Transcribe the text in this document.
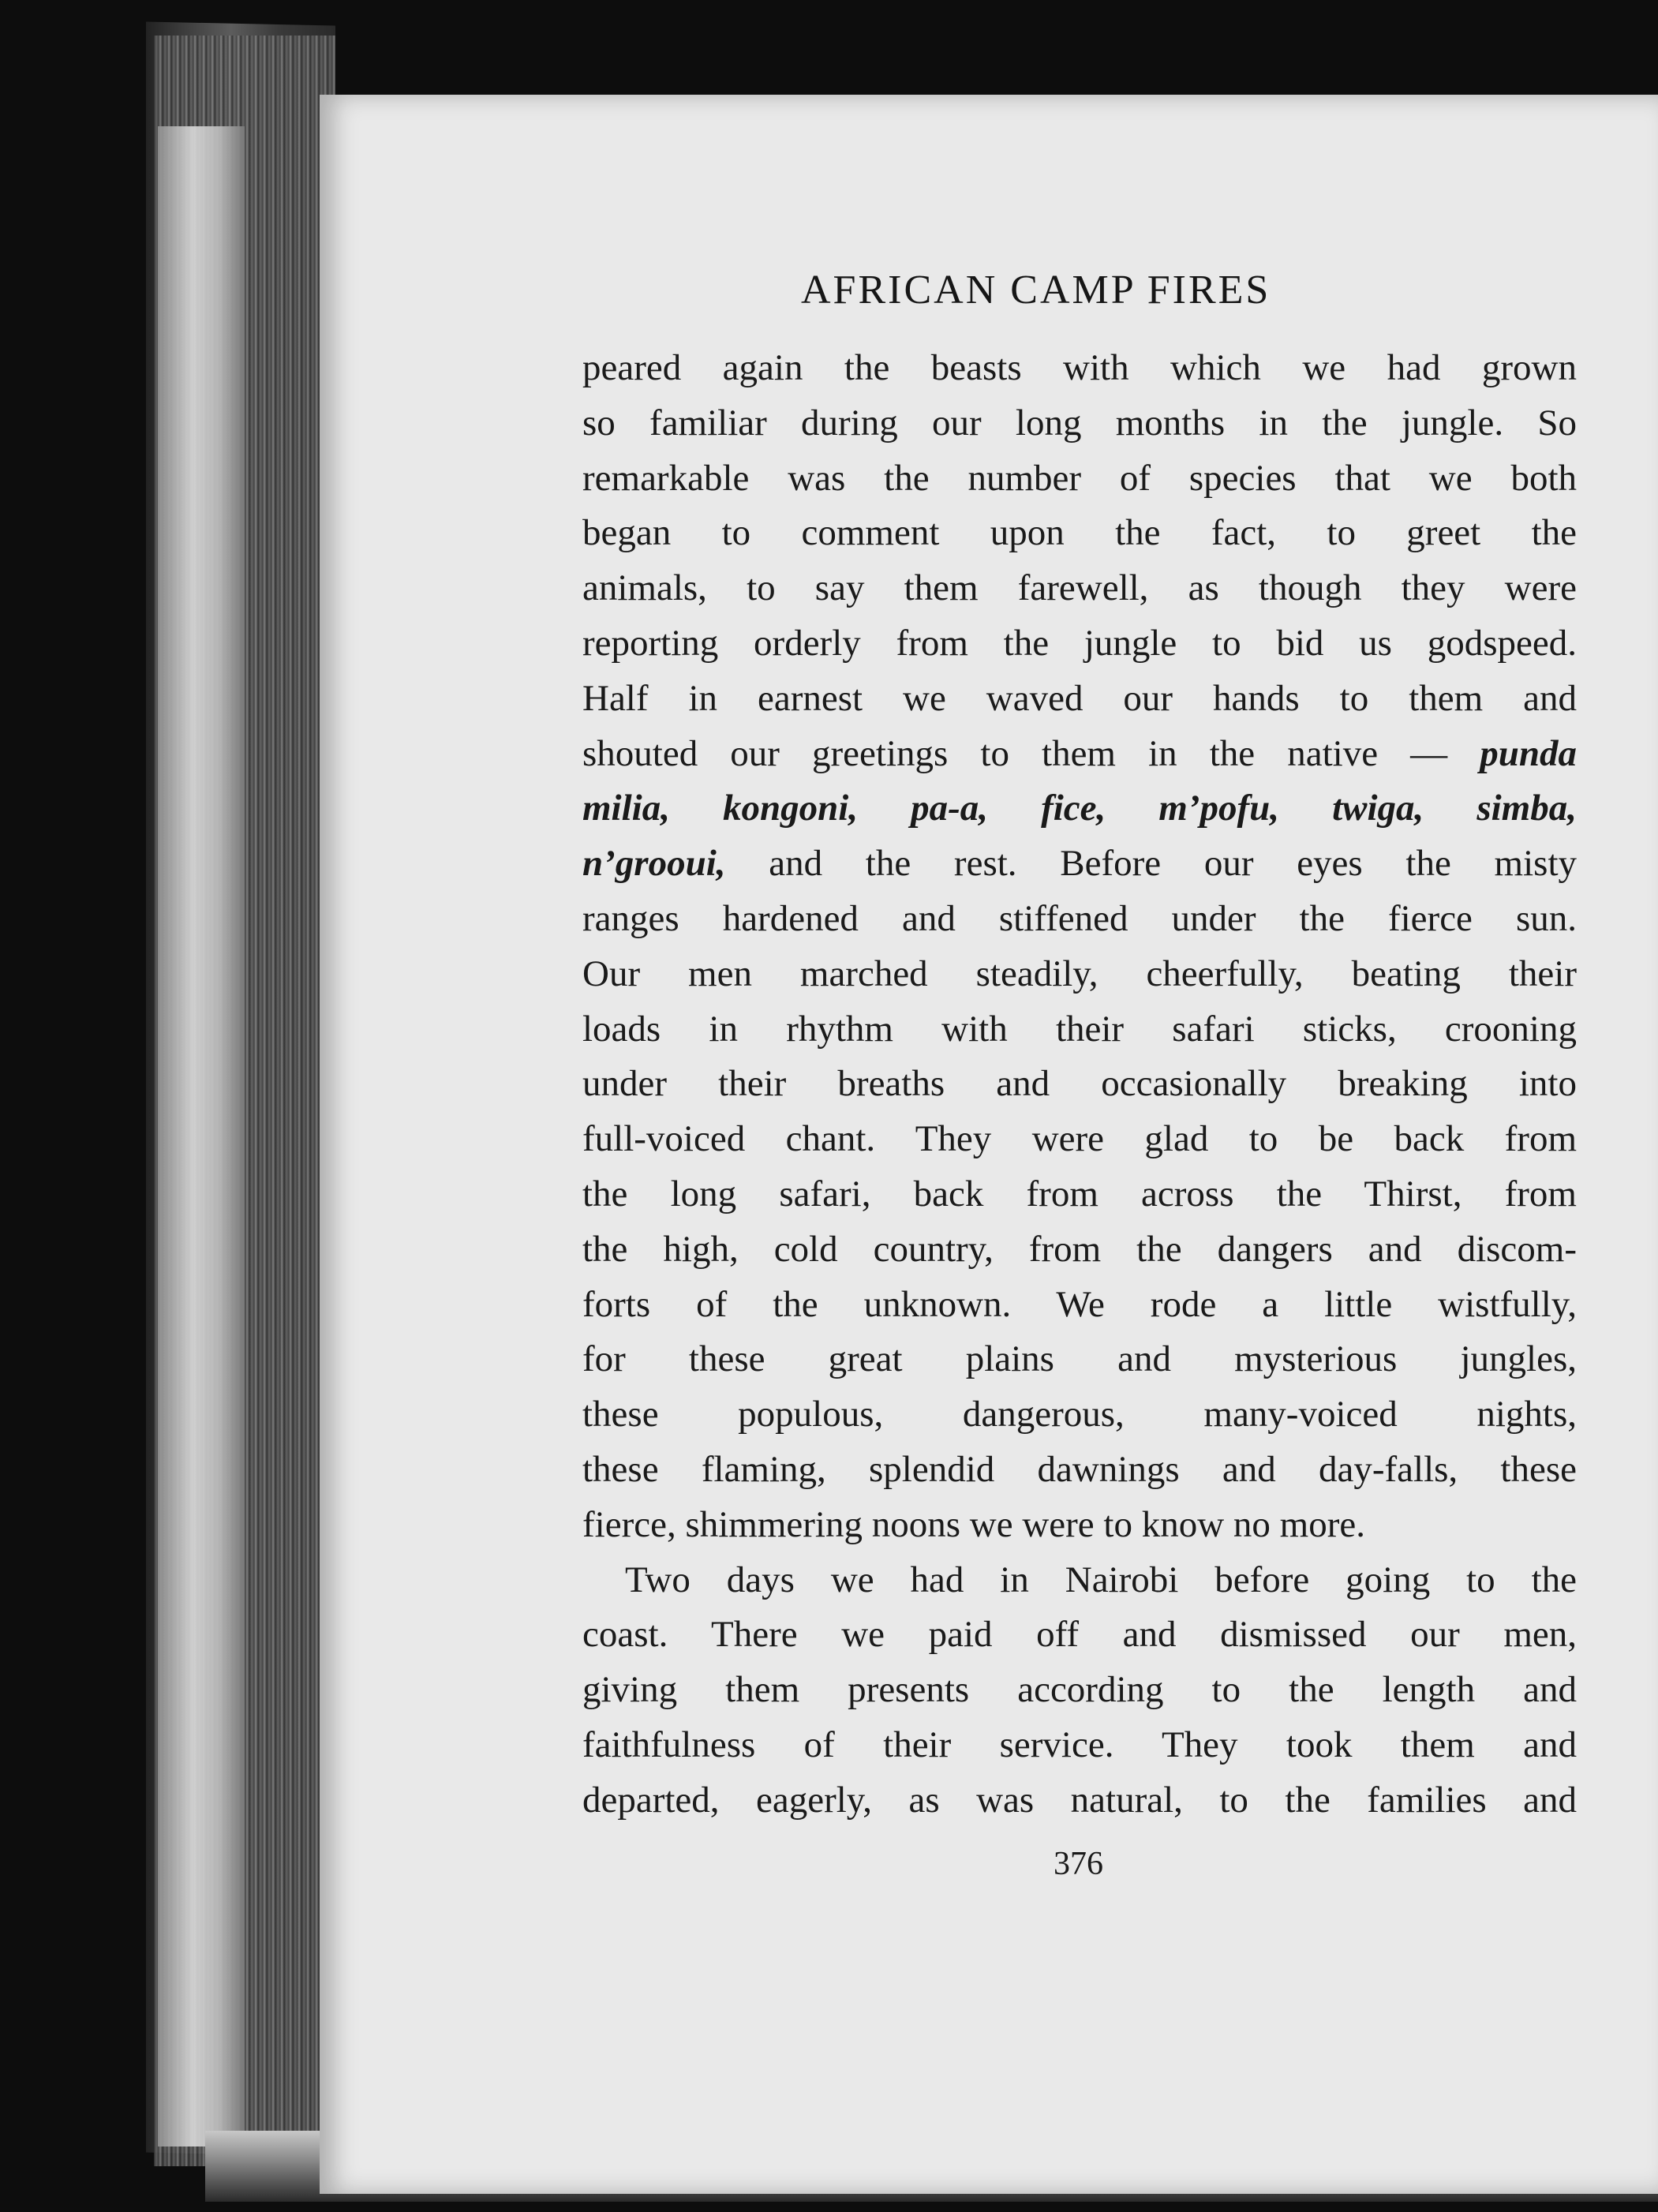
AFRICAN CAMP FIRES
peared again the beasts with which we had grown
so familiar during our long months in the jungle. So
remarkable was the number of species that we both
began to comment upon the fact, to greet the
animals, to say them farewell, as though they were
reporting orderly from the jungle to bid us godspeed.
Half in earnest we waved our hands to them and
shouted our greetings to them in the native — punda
milia, kongoni, pa-a, fice, m’pofu, twiga, simba,
n’grooui, and the rest. Before our eyes the misty
ranges hardened and stiffened under the fierce sun.
Our men marched steadily, cheerfully, beating their
loads in rhythm with their safari sticks, crooning
under their breaths and occasionally breaking into
full-voiced chant. They were glad to be back from
the long safari, back from across the Thirst, from
the high, cold country, from the dangers and discom-
forts of the unknown. We rode a little wistfully,
for these great plains and mysterious jungles,
these populous, dangerous, many-voiced nights,
these flaming, splendid dawnings and day-falls, these
fierce, shimmering noons we were to know no more.
Two days we had in Nairobi before going to the
coast. There we paid off and dismissed our men,
giving them presents according to the length and
faithfulness of their service. They took them and
departed, eagerly, as was natural, to the families and
376
